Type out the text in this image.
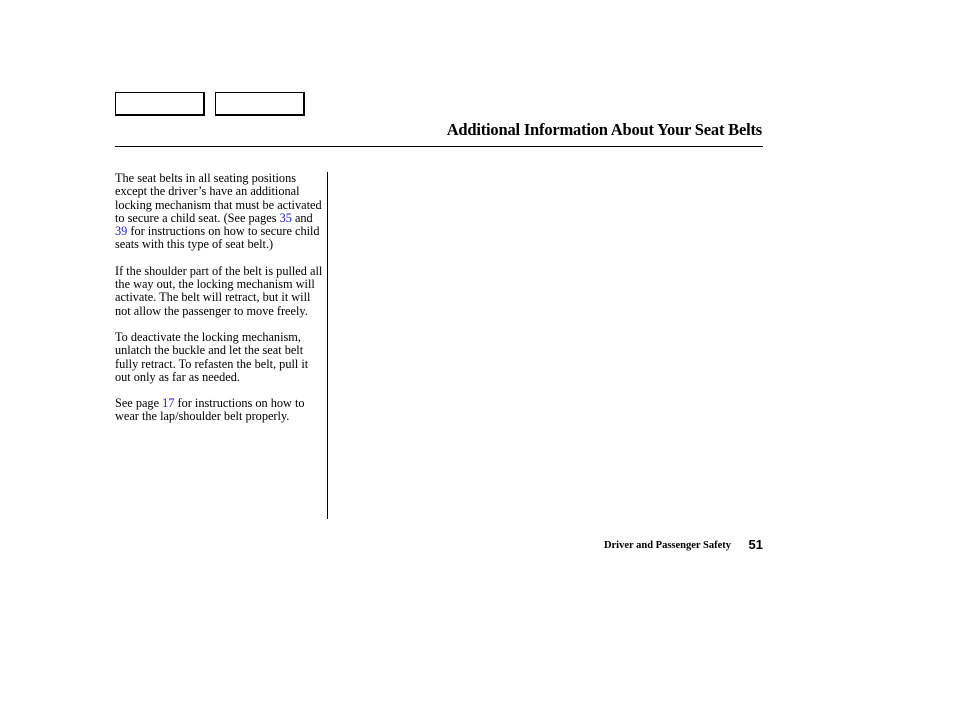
Additional Information About Your Seat Belts

The seat belts in all seating positions except the driver’s have an additional locking mechanism that must be activated to secure a child seat. (See pages 35 and 39 for instructions on how to secure child seats with this type of seat belt.)

If the shoulder part of the belt is pulled all the way out, the locking mechanism will activate. The belt will retract, but it will not allow the passenger to move freely.

To deactivate the locking mechanism, unlatch the buckle and let the seat belt fully retract. To refasten the belt, pull it out only as far as needed.

See page 17 for instructions on how to wear the lap/shoulder belt properly.

Driver and Passenger Safety	51
